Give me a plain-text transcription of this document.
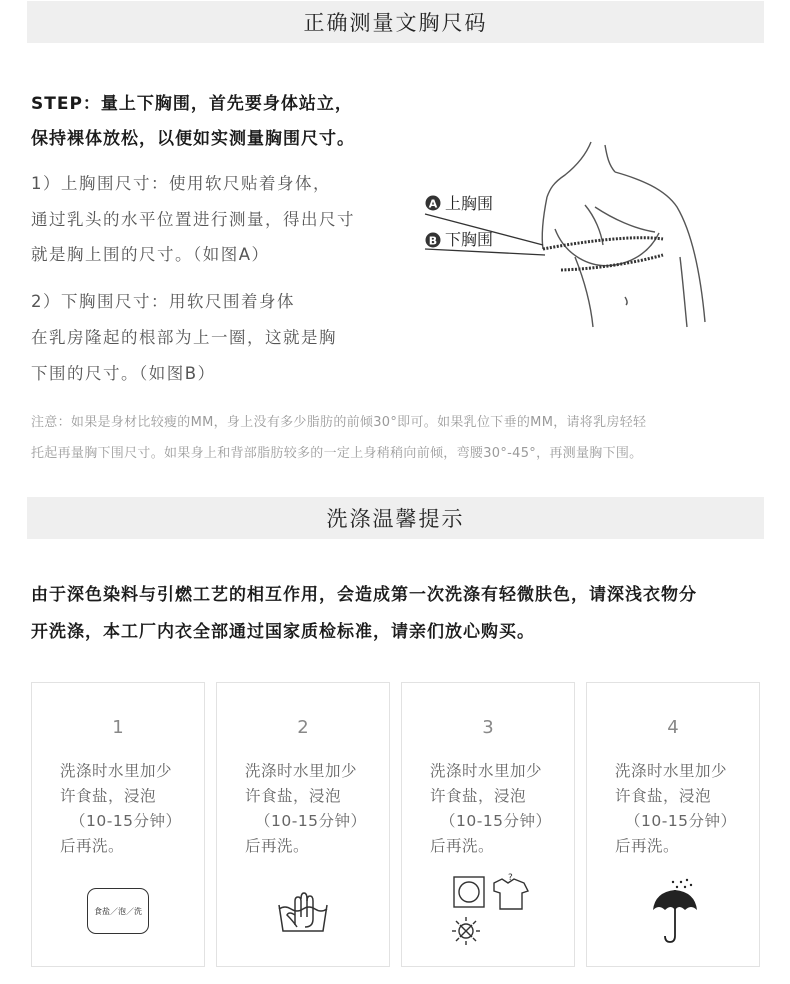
正确测量文胸尺码
STEP：量上下胸围，首先要身体站立，
保持裸体放松，以便如实测量胸围尺寸。
1）上胸围尺寸：使用软尺贴着身体，
通过乳头的水平位置进行测量，得出尺寸
就是胸上围的尺寸。（如图A）
2）下胸围尺寸：用软尺围着身体
在乳房隆起的根部为上一圈，这就是胸
下围的尺寸。（如图B）
A 上胸围
B 下胸围
注意：如果是身材比较瘦的MM，身上没有多少脂肪的前倾30°即可。如果乳位下垂的MM，请将乳房轻轻
托起再量胸下围尺寸。如果身上和背部脂肪较多的一定上身稍稍向前倾，弯腰30°-45°，再测量胸下围。
洗涤温馨提示
由于深色染料与引燃工艺的相互作用，会造成第一次洗涤有轻微肤色，请深浅衣物分
开洗涤，本工厂内衣全部通过国家质检标准，请亲们放心购买。
1
洗涤时水里加少
许食盐，浸泡
（10-15分钟）
后再洗。
食盐／泡／洗
2
洗涤时水里加少
许食盐，浸泡
（10-15分钟）
后再洗。
3
洗涤时水里加少
许食盐，浸泡
（10-15分钟）
后再洗。
?
4
洗涤时水里加少
许食盐，浸泡
（10-15分钟）
后再洗。
